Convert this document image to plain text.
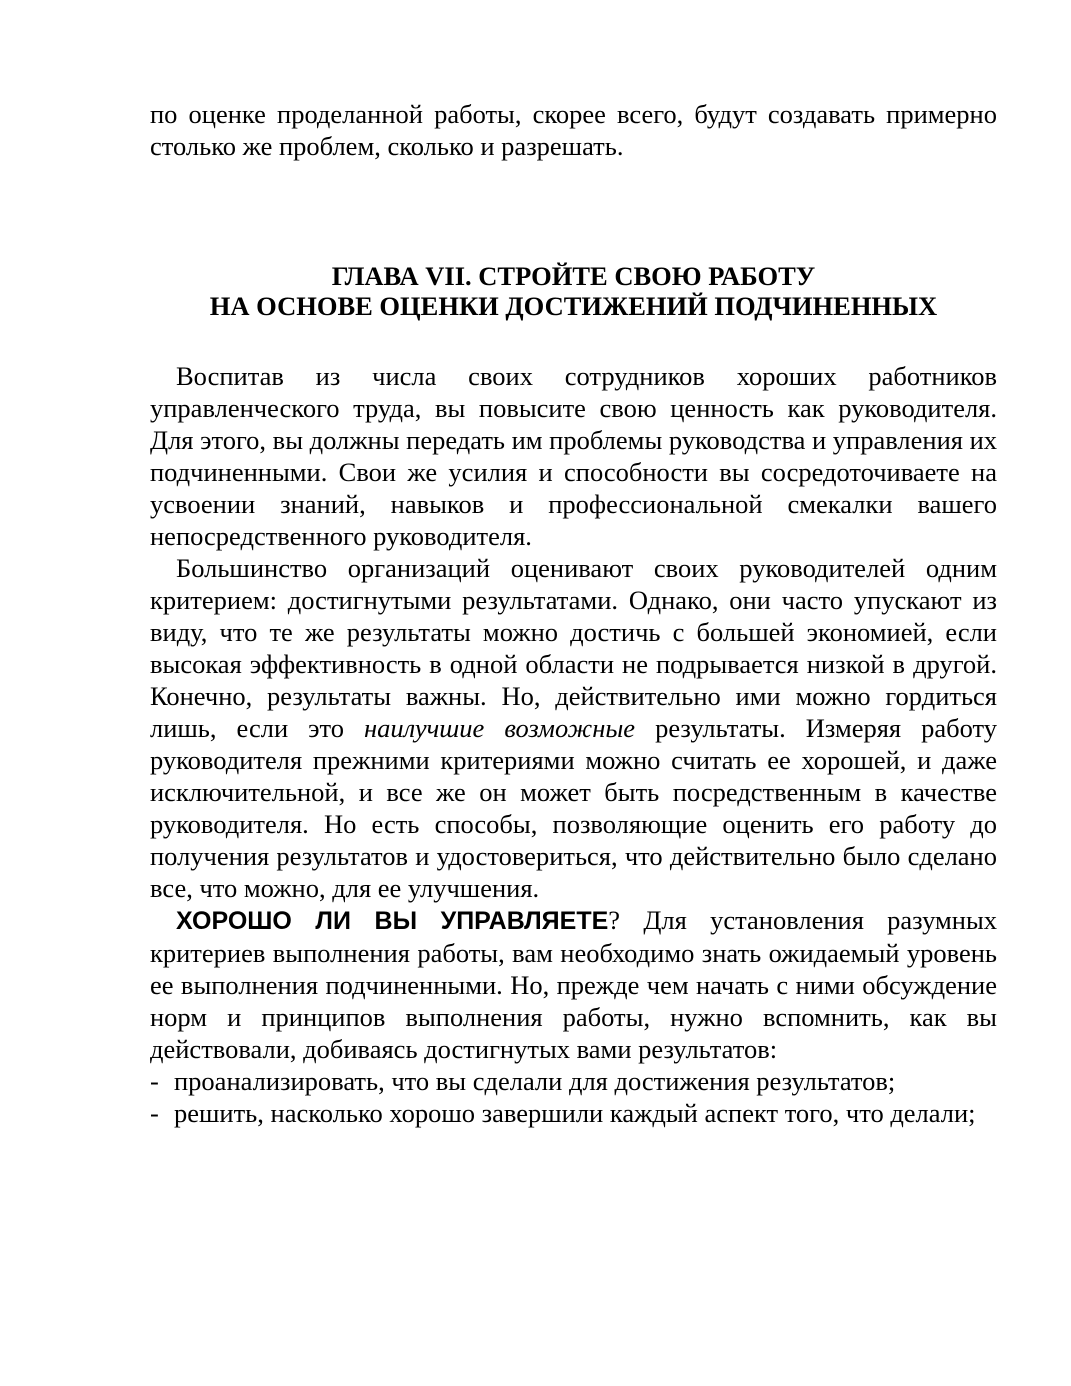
по оценке проделанной работы, скорее всего, будут создавать примерно столько же проблем, сколько и разрешать.

ГЛАВА VII. СТРОЙТЕ СВОЮ РАБОТУ
НА ОСНОВЕ ОЦЕНКИ ДОСТИЖЕНИЙ ПОДЧИНЕННЫХ

Воспитав из числа своих сотрудников хороших работников управленческого труда, вы повысите свою ценность как руководителя. Для этого, вы должны передать им проблемы руководства и управления их подчиненными. Свои же усилия и способности вы сосредоточиваете на усвоении знаний, навыков и профессиональной смекалки вашего непосредственного руководителя.

Большинство организаций оценивают своих руководителей одним критерием: достигнутыми результатами. Однако, они часто упускают из виду, что те же результаты можно достичь с большей экономией, если высокая эффективность в одной области не подрывается низкой в другой. Конечно, результаты важны. Но, действительно ими можно гордиться лишь, если это наилучшие возможные результаты. Измеряя работу руководителя прежними критериями можно считать ее хорошей, и даже исключительной, и все же он может быть посредственным в качестве руководителя. Но есть способы, позволяющие оценить его работу до получения результатов и удостовериться, что действительно было сделано все, что можно, для ее улучшения.

ХОРОШО ЛИ ВЫ УПРАВЛЯЕТЕ? Для установления разумных критериев выполнения работы, вам необходимо знать ожидаемый уровень ее выполнения подчиненными. Но, прежде чем начать с ними обсуждение норм и принципов выполнения работы, нужно вспомнить, как вы действовали, добиваясь достигнутых вами результатов:

- проанализировать, что вы сделали для достижения результатов;
- решить, насколько хорошо завершили каждый аспект того, что делали;
